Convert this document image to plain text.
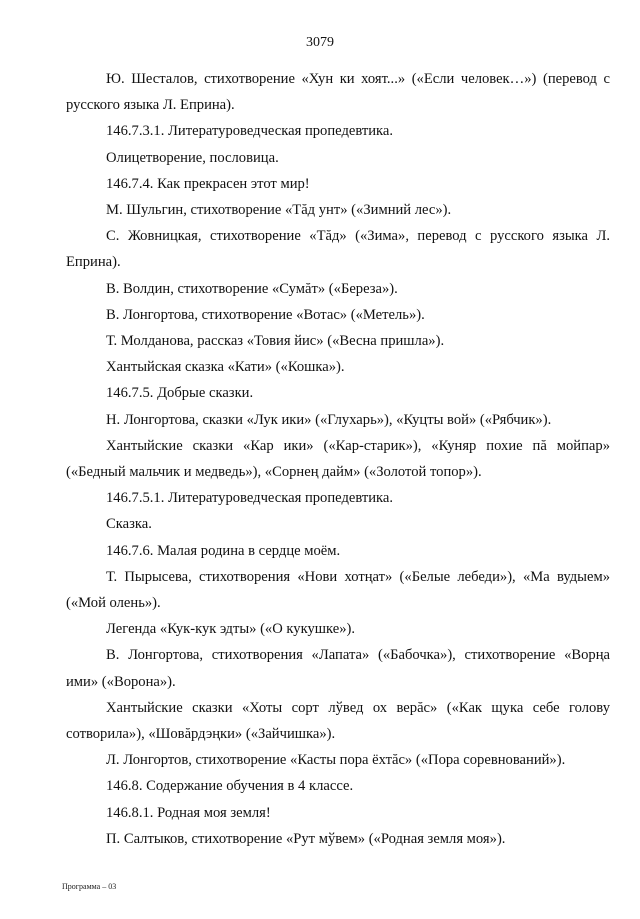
3079

Ю. Шесталов, стихотворение «Хун ки хоят...» («Если человек…») (перевод с русского языка Л. Еприна).

146.7.3.1. Литературоведческая пропедевтика.

Олицетворение, пословица.

146.7.4. Как прекрасен этот мир!

М. Шульгин, стихотворение «Тăд унт» («Зимний лес»).

С. Жовницкая, стихотворение «Тăд» («Зима», перевод с русского языка Л. Еприна).

В. Волдин, стихотворение «Сумăт» («Береза»).

В. Лонгортова, стихотворение «Вотас» («Метель»).

Т. Молданова, рассказ «Товия йис» («Весна пришла»).

Хантыйская сказка «Кати» («Кошка»).

146.7.5. Добрые сказки.

Н. Лонгортова, сказки «Лук ики» («Глухарь»), «Куцты вой» («Рябчик»).

Хантыйские сказки «Кар ики» («Кар-старик»), «Куняр похие пă мойпар» («Бедный мальчик и медведь»), «Сорнең дайм» («Золотой топор»).

146.7.5.1. Литературоведческая пропедевтика.

Сказка.

146.7.6. Малая родина в сердце моём.

Т. Пырысева, стихотворения «Нови хотңат» («Белые лебеди»), «Ма вудыем» («Мой олень»).

Легенда «Кук-кук эдты» («О кукушке»).

В. Лонгортова, стихотворения «Лапата» («Бабочка»), стихотворение «Ворңа ими» («Ворона»).

Хантыйские сказки «Хоты сорт лўвед ох верăс» («Как щука себе голову сотворила»), «Шовăрдэңки» («Зайчишка»).

Л. Лонгортов, стихотворение «Касты пора ёхтăс» («Пора соревнований»).

146.8. Содержание обучения в 4 классе.

146.8.1. Родная моя земля!

П. Салтыков, стихотворение «Рут мўвем» («Родная земля моя»).

Программа – 03
